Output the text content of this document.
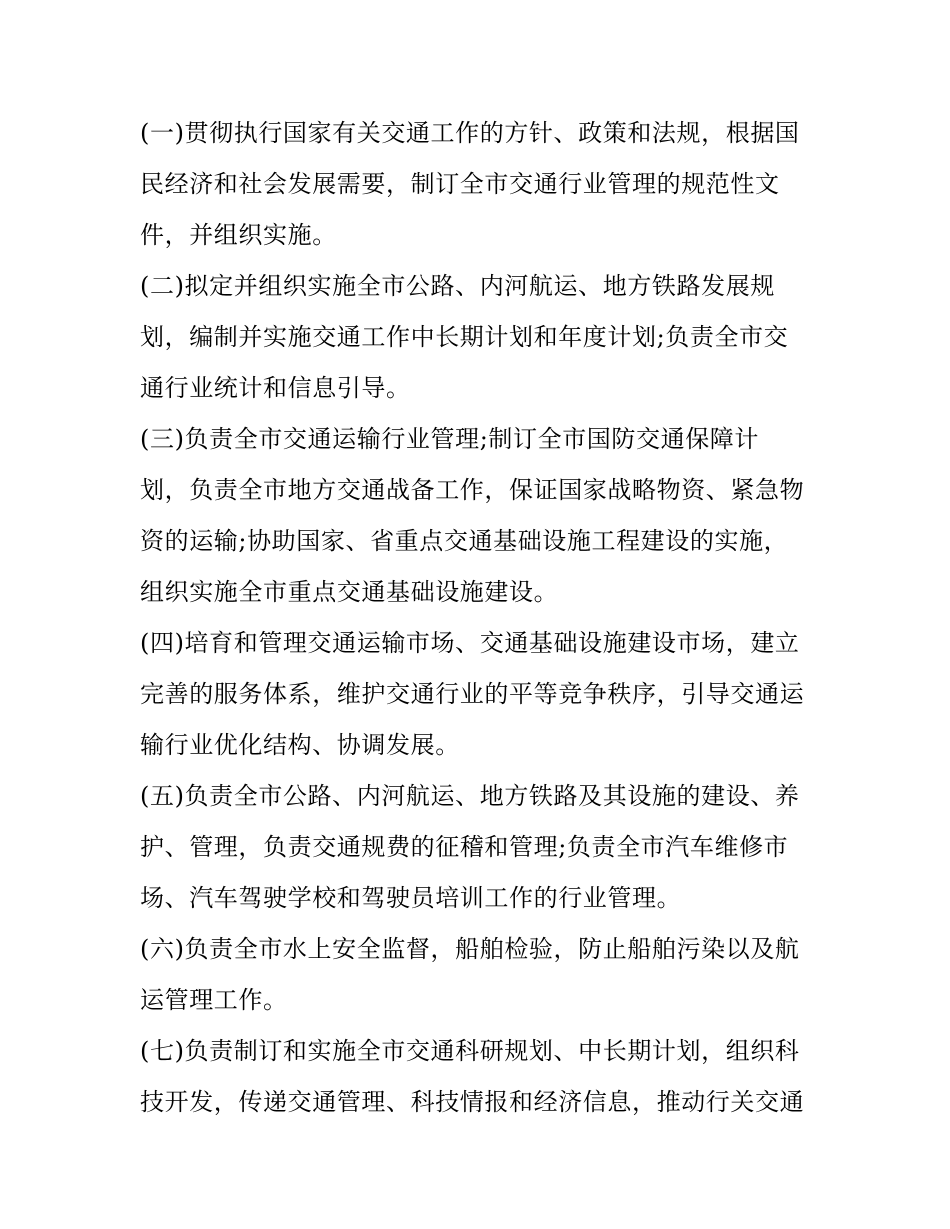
(一)贯彻执行国家有关交通工作的方针、政策和法规，根据国
民经济和社会发展需要，制订全市交通行业管理的规范性文
件，并组织实施。
(二)拟定并组织实施全市公路、内河航运、地方铁路发展规
划，编制并实施交通工作中长期计划和年度计划;负责全市交
通行业统计和信息引导。
(三)负责全市交通运输行业管理;制订全市国防交通保障计
划，负责全市地方交通战备工作，保证国家战略物资、紧急物
资的运输;协助国家、省重点交通基础设施工程建设的实施，
组织实施全市重点交通基础设施建设。
(四)培育和管理交通运输市场、交通基础设施建设市场，建立
完善的服务体系，维护交通行业的平等竞争秩序，引导交通运
输行业优化结构、协调发展。
(五)负责全市公路、内河航运、地方铁路及其设施的建设、养
护、管理，负责交通规费的征稽和管理;负责全市汽车维修市
场、汽车驾驶学校和驾驶员培训工作的行业管理。
(六)负责全市水上安全监督，船舶检验，防止船舶污染以及航
运管理工作。
(七)负责制订和实施全市交通科研规划、中长期计划，组织科
技开发，传递交通管理、科技情报和经济信息，推动行关交通
